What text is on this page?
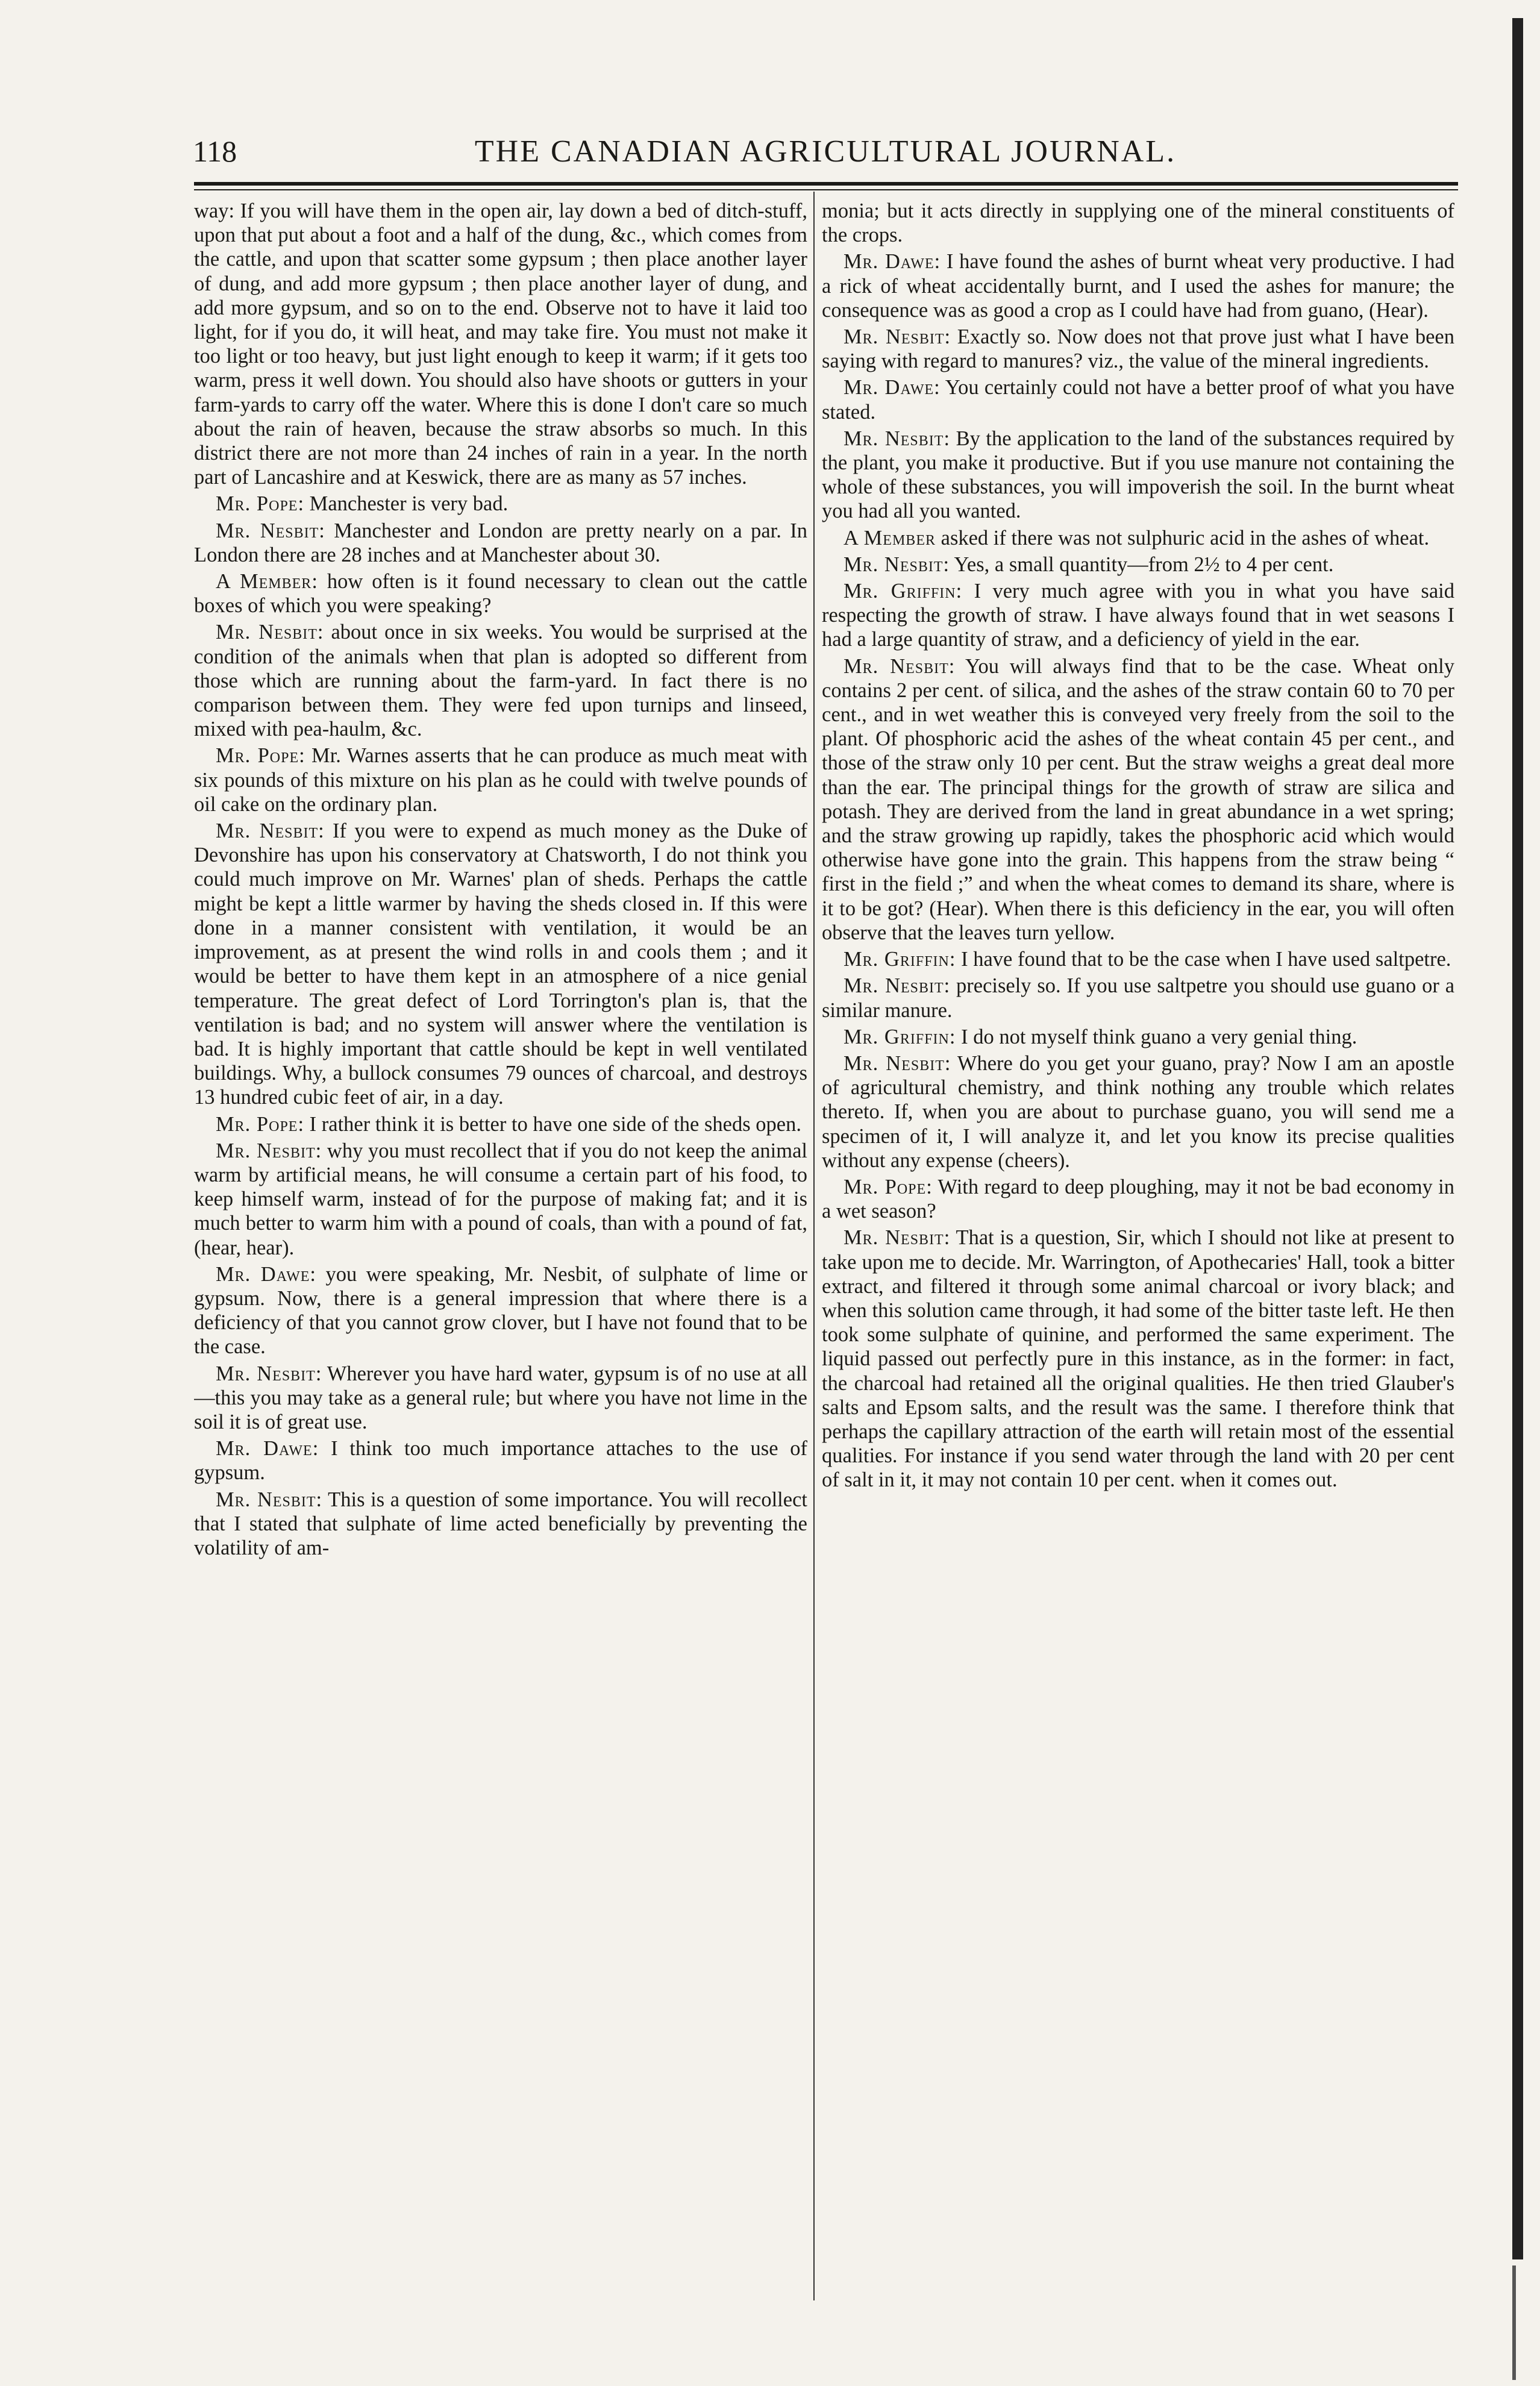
118	THE CANADIAN AGRICULTURAL JOURNAL.

way: If you will have them in the open air, lay down a bed of ditch-stuff, upon that put about a foot and a half of the dung, &c., which comes from the cattle, and upon that scatter some gypsum ; then place another layer of dung, and add more gypsum ; then place another layer of dung, and add more gypsum, and so on to the end. Observe not to have it laid too light, for if you do, it will heat, and may take fire. You must not make it too light or too heavy, but just light enough to keep it warm; if it gets too warm, press it well down. You should also have shoots or gutters in your farm-yards to carry off the water. Where this is done I don't care so much about the rain of heaven, because the straw absorbs so much. In this district there are not more than 24 inches of rain in a year. In the north part of Lancashire and at Keswick, there are as many as 57 inches.

Mr. Pope: Manchester is very bad.

Mr. Nesbit: Manchester and London are pretty nearly on a par. In London there are 28 inches and at Manchester about 30.

A Member: how often is it found necessary to clean out the cattle boxes of which you were speaking?

Mr. Nesbit: about once in six weeks. You would be surprised at the condition of the animals when that plan is adopted so different from those which are running about the farm-yard. In fact there is no comparison between them. They were fed upon turnips and linseed, mixed with pea-haulm, &c.

Mr. Pope: Mr. Warnes asserts that he can produce as much meat with six pounds of this mixture on his plan as he could with twelve pounds of oil cake on the ordinary plan.

Mr. Nesbit: If you were to expend as much money as the Duke of Devonshire has upon his conservatory at Chatsworth, I do not think you could much improve on Mr. Warnes' plan of sheds. Perhaps the cattle might be kept a little warmer by having the sheds closed in. If this were done in a manner consistent with ventilation, it would be an improvement, as at present the wind rolls in and cools them ; and it would be better to have them kept in an atmosphere of a nice genial temperature. The great defect of Lord Torrington's plan is, that the ventilation is bad; and no system will answer where the ventilation is bad. It is highly important that cattle should be kept in well ventilated buildings. Why, a bullock consumes 79 ounces of charcoal, and destroys 13 hundred cubic feet of air, in a day.

Mr. Pope: I rather think it is better to have one side of the sheds open.

Mr. Nesbit: why you must recollect that if you do not keep the animal warm by artificial means, he will consume a certain part of his food, to keep himself warm, instead of for the purpose of making fat; and it is much better to warm him with a pound of coals, than with a pound of fat, (hear, hear).

Mr. Dawe: you were speaking, Mr. Nesbit, of sulphate of lime or gypsum. Now, there is a general impression that where there is a deficiency of that you cannot grow clover, but I have not found that to be the case.

Mr. Nesbit: Wherever you have hard water, gypsum is of no use at all—this you may take as a general rule; but where you have not lime in the soil it is of great use.

Mr. Dawe: I think too much importance attaches to the use of gypsum.

Mr. Nesbit: This is a question of some importance. You will recollect that I stated that sulphate of lime acted beneficially by preventing the volatility of am-

monia; but it acts directly in supplying one of the mineral constituents of the crops.

Mr. Dawe: I have found the ashes of burnt wheat very productive. I had a rick of wheat accidentally burnt, and I used the ashes for manure; the consequence was as good a crop as I could have had from guano, (Hear).

Mr. Nesbit: Exactly so. Now does not that prove just what I have been saying with regard to manures? viz., the value of the mineral ingredients.

Mr. Dawe: You certainly could not have a better proof of what you have stated.

Mr. Nesbit: By the application to the land of the substances required by the plant, you make it productive. But if you use manure not containing the whole of these substances, you will impoverish the soil. In the burnt wheat you had all you wanted.

A Member asked if there was not sulphuric acid in the ashes of wheat.

Mr. Nesbit: Yes, a small quantity—from 2½ to 4 per cent.

Mr. Griffin: I very much agree with you in what you have said respecting the growth of straw. I have always found that in wet seasons I had a large quantity of straw, and a deficiency of yield in the ear.

Mr. Nesbit: You will always find that to be the case. Wheat only contains 2 per cent. of silica, and the ashes of the straw contain 60 to 70 per cent., and in wet weather this is conveyed very freely from the soil to the plant. Of phosphoric acid the ashes of the wheat contain 45 per cent., and those of the straw only 10 per cent. But the straw weighs a great deal more than the ear. The principal things for the growth of straw are silica and potash. They are derived from the land in great abundance in a wet spring; and the straw growing up rapidly, takes the phosphoric acid which would otherwise have gone into the grain. This happens from the straw being “ first in the field ;” and when the wheat comes to demand its share, where is it to be got? (Hear). When there is this deficiency in the ear, you will often observe that the leaves turn yellow.

Mr. Griffin: I have found that to be the case when I have used saltpetre.

Mr. Nesbit: precisely so. If you use saltpetre you should use guano or a similar manure.

Mr. Griffin: I do not myself think guano a very genial thing.

Mr. Nesbit: Where do you get your guano, pray? Now I am an apostle of agricultural chemistry, and think nothing any trouble which relates thereto. If, when you are about to purchase guano, you will send me a specimen of it, I will analyze it, and let you know its precise qualities without any expense (cheers).

Mr. Pope: With regard to deep ploughing, may it not be bad economy in a wet season?

Mr. Nesbit: That is a question, Sir, which I should not like at present to take upon me to decide. Mr. Warrington, of Apothecaries' Hall, took a bitter extract, and filtered it through some animal charcoal or ivory black; and when this solution came through, it had some of the bitter taste left. He then took some sulphate of quinine, and performed the same experiment. The liquid passed out perfectly pure in this instance, as in the former: in fact, the charcoal had retained all the original qualities. He then tried Glauber's salts and Epsom salts, and the result was the same. I therefore think that perhaps the capillary attraction of the earth will retain most of the essential qualities. For instance if you send water through the land with 20 per cent of salt in it, it may not contain 10 per cent. when it comes out.
